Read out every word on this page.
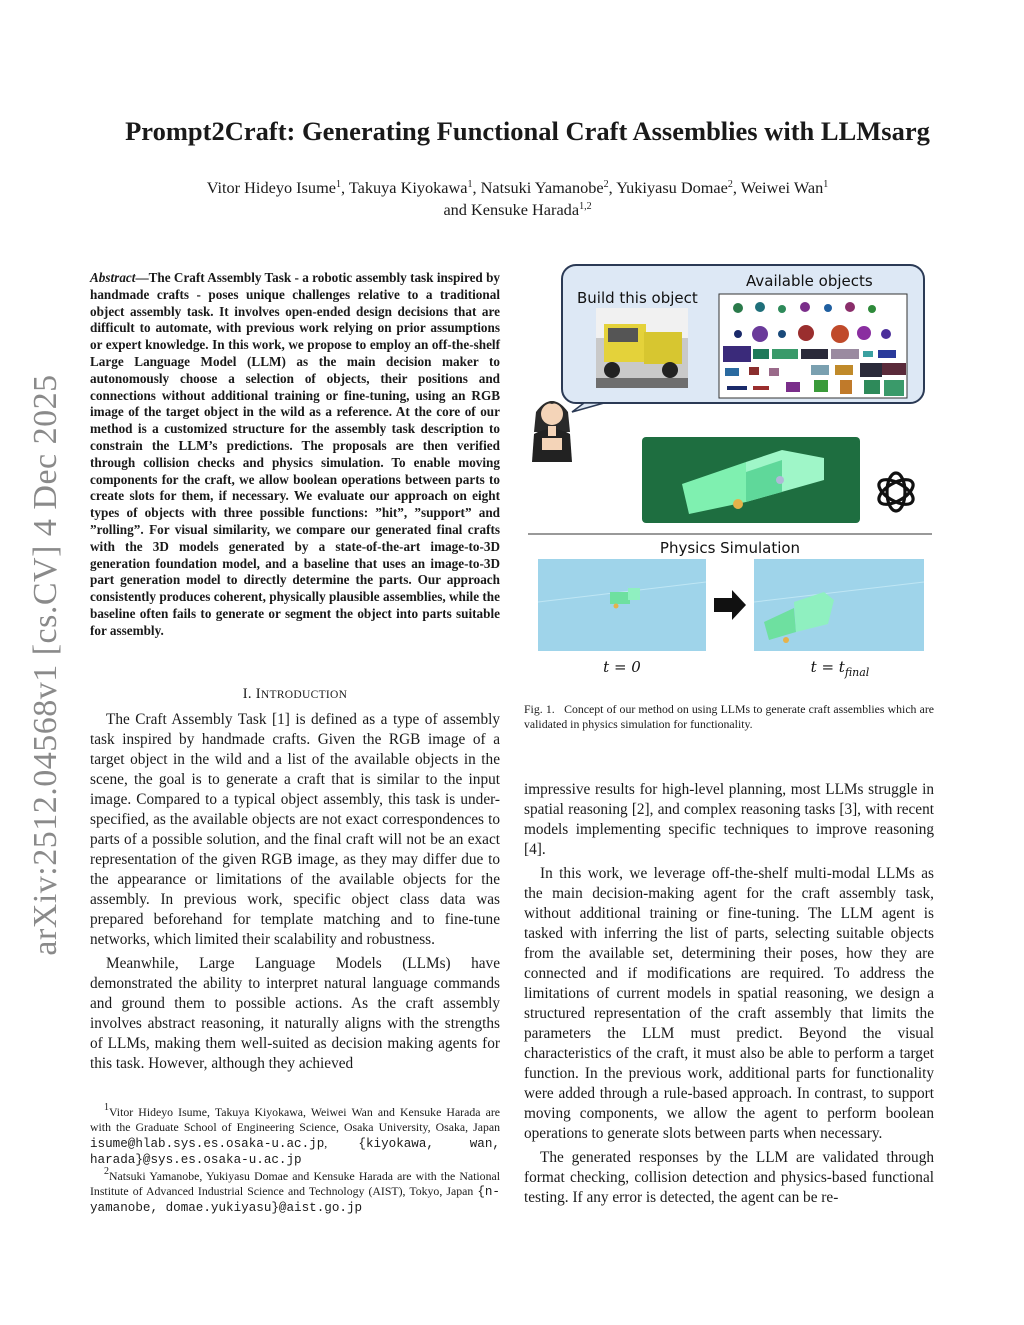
arXiv:2512.04568v1 [cs.CV] 4 Dec 2025
Prompt2Craft: Generating Functional Craft Assemblies with LLMsarg
Vitor Hideyo Isume$^1$, Takuya Kiyokawa$^1$, Natsuki Yamanobe$^2$, Yukiyasu Domae$^2$, Weiwei Wan$^1$
and Kensuke Harada$^{1,2}$
Abstract—The Craft Assembly Task - a robotic assembly task inspired by handmade crafts - poses unique challenges relative to a traditional object assembly task. It involves open-ended design decisions that are difficult to automate, with previous work relying on prior assumptions or expert knowledge. In this work, we propose to employ an off-the-shelf Large Language Model (LLM) as the main decision maker to autonomously choose a selection of objects, their positions and connections without additional training or fine-tuning, using an RGB image of the target object in the wild as a reference. At the core of our method is a customized structure for the assembly task description to constrain the LLM’s predictions. The proposals are then verified through collision checks and physics simulation. To enable moving components for the craft, we allow boolean operations between parts to create slots for them, if necessary. We evaluate our approach on eight types of objects with three possible functions: ”hit”, ”support” and ”rolling”. For visual similarity, we compare our generated final crafts with the 3D models generated by a state-of-the-art image-to-3D generation foundation model, and a baseline that uses an image-to-3D part generation model to directly determine the parts. Our approach consistently produces coherent, physically plausible assemblies, while the baseline often fails to generate or segment the object into parts suitable for assembly.
I. INTRODUCTION

The Craft Assembly Task [1] is defined as a type of assembly task inspired by handmade crafts. Given the RGB image of a target object in the wild and a list of the available objects in the scene, the goal is to generate a craft that is similar to the input image. Compared to a typical object assembly, this task is under-specified, as the available objects are not exact correspondences to parts of a possible solution, and the final craft will not be an exact representation of the given RGB image, as they may differ due to the appearance or limitations of the available objects for the assembly. In previous work, specific object class data was prepared beforehand for template matching and to fine-tune networks, which limited their scalability and robustness.

Meanwhile, Large Language Models (LLMs) have demonstrated the ability to interpret natural language commands and ground them to possible actions. As the craft assembly involves abstract reasoning, it naturally aligns with the strengths of LLMs, making them well-suited as decision making agents for this task. However, although they achieved

$^1$Vitor Hideyo Isume, Takuya Kiyokawa, Weiwei Wan and Kensuke Harada are with the Graduate School of Engineering Science, Osaka University, Osaka, Japan isume@hlab.sys.es.osaka-u.ac.jp, {kiyokawa, wan, harada}@sys.es.osaka-u.ac.jp

$^2$Natsuki Yamanobe, Yukiyasu Domae and Kensuke Harada are with the National Institute of Advanced Industrial Science and Technology (AIST), Tokyo, Japan {n-yamanobe, domae.yukiyasu}@aist.go.jp

Build this object
Available objects
Physics Simulation
t = 0	$t = t_{final}$
Fig. 1. Concept of our method on using LLMs to generate craft assemblies which are validated in physics simulation for functionality.

impressive results for high-level planning, most LLMs struggle in spatial reasoning [2], and complex reasoning tasks [3], with recent models implementing specific techniques to improve reasoning [4].

In this work, we leverage off-the-shelf multi-modal LLMs as the main decision-making agent for the craft assembly task, without additional training or fine-tuning. The LLM agent is tasked with inferring the list of parts, selecting suitable objects from the available set, determining their poses, how they are connected and if modifications are required. To address the limitations of current models in spatial reasoning, we design a structured representation of the craft assembly that limits the parameters the LLM must predict. Beyond the visual characteristics of the craft, it must also be able to perform a target function. In the previous work, additional parts for functionality were added through a rule-based approach. In contrast, to support moving components, we allow the agent to perform boolean operations to generate slots between parts when necessary.

The generated responses by the LLM are validated through format checking, collision detection and physics-based functional testing. If any error is detected, the agent can be re-
